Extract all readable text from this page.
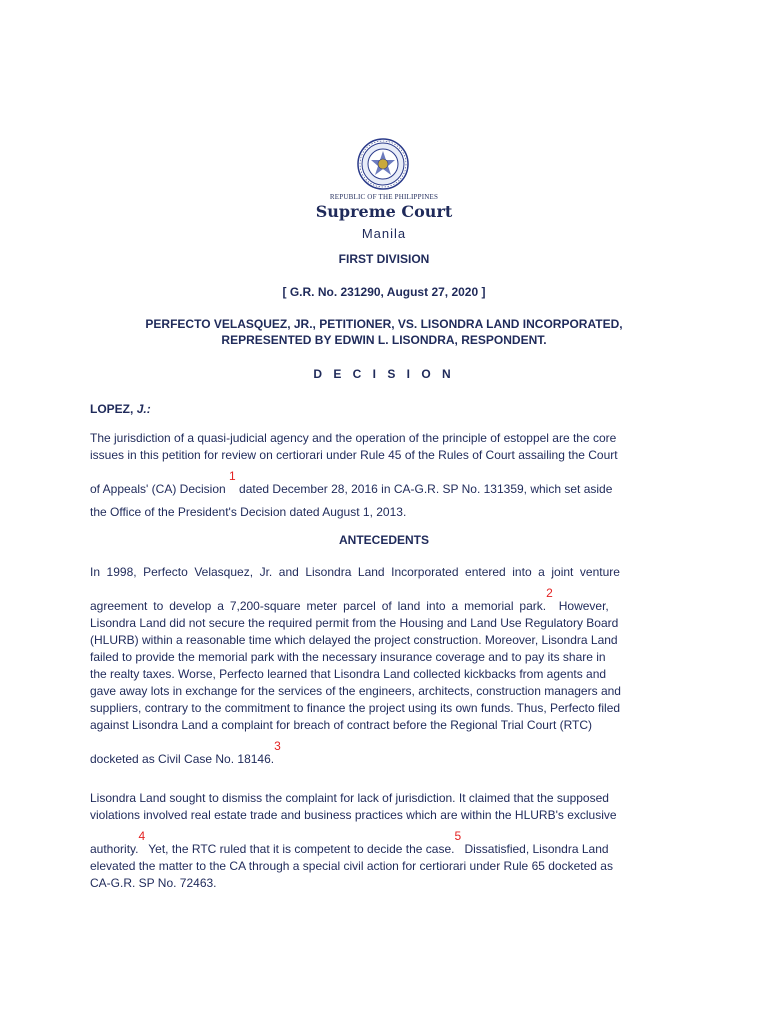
REPUBLIC OF THE PHILIPPINES
Supreme Court
Manila
FIRST DIVISION
[ G.R. No. 231290, August 27, 2020 ]
PERFECTO VELASQUEZ, JR., PETITIONER, VS. LISONDRA LAND INCORPORATED,
REPRESENTED BY EDWIN L. LISONDRA, RESPONDENT.
D E C I S I O N
LOPEZ, J.:
The jurisdiction of a quasi-judicial agency and the operation of the principle of estoppel are the core
issues in this petition for review on certiorari under Rule 45 of the Rules of Court assailing the Court
of Appeals' (CA) Decision $^1$ dated December 28, 2016 in CA-G.R. SP No. 131359, which set aside
the Office of the President's Decision dated August 1, 2013.
ANTECEDENTS
In 1998, Perfecto Velasquez, Jr. and Lisondra Land Incorporated entered into a joint venture
agreement to develop a 7,200-square meter parcel of land into a memorial park.$^2$ However,
Lisondra Land did not secure the required permit from the Housing and Land Use Regulatory Board
(HLURB) within a reasonable time which delayed the project construction. Moreover, Lisondra Land
failed to provide the memorial park with the necessary insurance coverage and to pay its share in
the realty taxes. Worse, Perfecto learned that Lisondra Land collected kickbacks from agents and
gave away lots in exchange for the services of the engineers, architects, construction managers and
suppliers, contrary to the commitment to finance the project using its own funds. Thus, Perfecto filed
against Lisondra Land a complaint for breach of contract before the Regional Trial Court (RTC)
docketed as Civil Case No. 18146.$^3$
Lisondra Land sought to dismiss the complaint for lack of jurisdiction. It claimed that the supposed
violations involved real estate trade and business practices which are within the HLURB's exclusive
authority.$^4$ Yet, the RTC ruled that it is competent to decide the case.$^5$ Dissatisfied, Lisondra Land
elevated the matter to the CA through a special civil action for certiorari under Rule 65 docketed as
CA-G.R. SP No. 72463.
